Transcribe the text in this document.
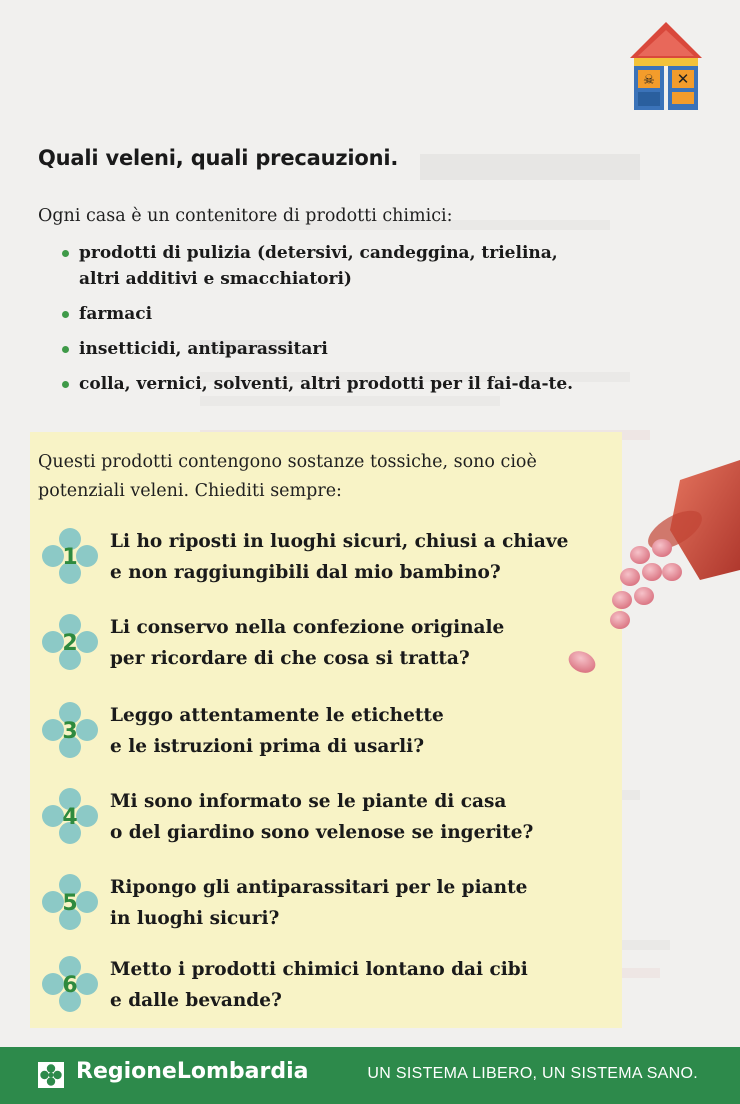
☠ ✕
Quali veleni, quali precauzioni.

Ogni casa è un contenitore di prodotti chimici:

prodotti di pulizia (detersivi, candeggina, trielina, altri additivi e smacchiatori)
farmaci
insetticidi, antiparassitari
colla, vernici, solventi, altri prodotti per il fai-da-te.

Questi prodotti contengono sostanze tossiche, sono cioè potenziali veleni. Chiediti sempre:

1

Li ho riposti in luoghi sicuri, chiusi a chiave
e non raggiungibili dal mio bambino?

2

Li conservo nella confezione originale
per ricordare di che cosa si tratta?

3

Leggo attentamente le etichette
e le istruzioni prima di usarli?

4

Mi sono informato se le piante di casa
o del giardino sono velenose se ingerite?

5

Ripongo gli antiparassitari per le piante
in luoghi sicuri?

6

Metto i prodotti chimici lontano dai cibi
e dalle bevande?

RegioneLombardia	UN SISTEMA LIBERO, UN SISTEMA SANO.
